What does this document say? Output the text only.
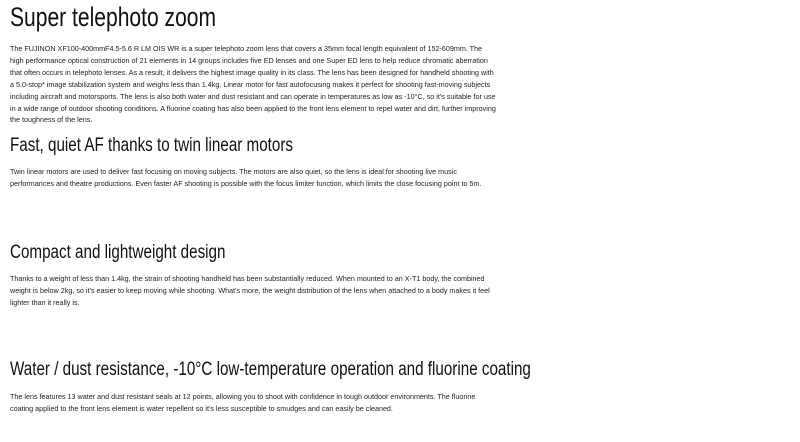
Super telephoto zoom

The FUJINON XF100-400mmF4.5-5.6 R LM OIS WR is a super telephoto zoom lens that covers a 35mm focal length equivalent of 152-609mm. The high performance optical construction of 21 elements in 14 groups includes five ED lenses and one Super ED lens to help reduce chromatic aberration that often occurs in telephoto lenses. As a result, it delivers the highest image quality in its class. The lens has been designed for handheld shooting with a 5.0-stop* image stabilization system and weighs less than 1.4kg. Linear motor for fast autofocusing makes it perfect for shooting fast-moving subjects including aircraft and motorsports. The lens is also both water and dust resistant and can operate in temperatures as low as -10°C, so it's suitable for use in a wide range of outdoor shooting conditions. A fluorine coating has also been applied to the front lens element to repel water and dirt, further improving the toughness of the lens.

Fast, quiet AF thanks to twin linear motors

Twin linear motors are used to deliver fast focusing on moving subjects. The motors are also quiet, so the lens is ideal for shooting live music performances and theatre productions. Even faster AF shooting is possible with the focus limiter function, which limits the close focusing point to 5m.

Compact and lightweight design

Thanks to a weight of less than 1.4kg, the strain of shooting handheld has been substantially reduced. When mounted to an X-T1 body, the combined weight is below 2kg, so it's easier to keep moving while shooting. What's more, the weight distribution of the lens when attached to a body makes it feel lighter than it really is.

Water / dust resistance, -10°C low-temperature operation and fluorine coating

The lens features 13 water and dust resistant seals at 12 points, allowing you to shoot with confidence in tough outdoor environments. The fluorine coating applied to the front lens element is water repellent so it's less susceptible to smudges and can easily be cleaned.
